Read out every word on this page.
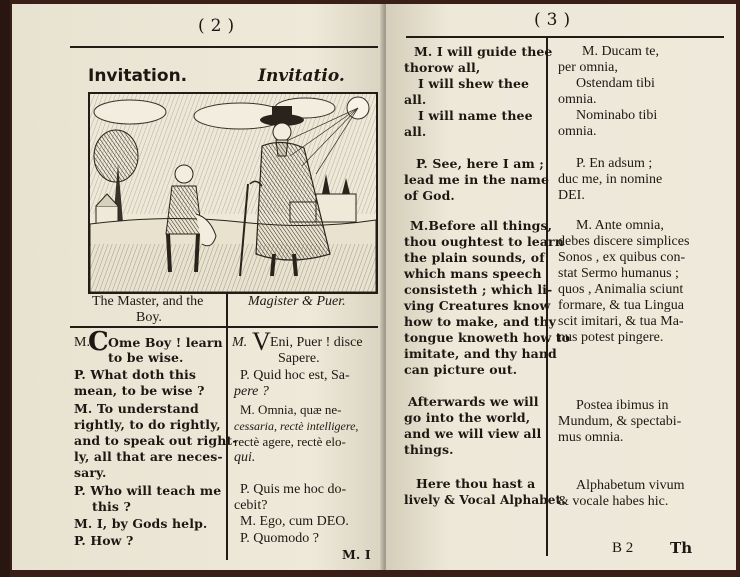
(2)
Invitation.	Invitatio.
The Master, and the
Boy.
Magister & Puer.
M.
C Ome Boy ! learn
to be wise.
P. What doth this
mean, to be wise ?
M. To understand
rightly, to do rightly,
and to speak out right-
ly, all that are neces-
sary.
P. Who will teach me
this ?
M. I, by Gods help.
P. How ?
M. V Eni, Puer ! disce
Sapere.
P. Quid hoc est, Sa-
pere ?
M. Omnia, quæ ne-
cessaria, rectè intelligere,
rectè agere, rectè elo-
qui.
P. Quis me hoc do-
cebit?
M. Ego, cum DEO.
P. Quomodo ?
M. I
(3)
M. I will guide thee
thorow all,
I will shew thee
all.
I will name thee
all.
P. See, here I am ;
lead me in the name
of God.
M.Before all things,
thou oughtest to learn
the plain sounds, of
which mans speech
consisteth ; which li-
ving Creatures know
how to make, and thy
tongue knoweth how to
imitate, and thy hand
can picture out.
Afterwards we will
go into the world,
and we will view all
things.
Here thou hast a
lively & Vocal Alphabet.
M. Ducam te,
per omnia,
Ostendam tibi
omnia.
Nominabo tibi
omnia.
P. En adsum ;
duc me, in nomine
DEI.
M. Ante omnia,
debes discere simplices
Sonos , ex quibus con-
stat Sermo humanus ;
quos , Animalia sciunt
formare, & tua Lingua
scit imitari, & tua Ma-
nus potest pingere.
Postea ibimus in
Mundum, & spectabi-
mus omnia.
Alphabetum vivum
& vocale habes hic.
B 2 Th
